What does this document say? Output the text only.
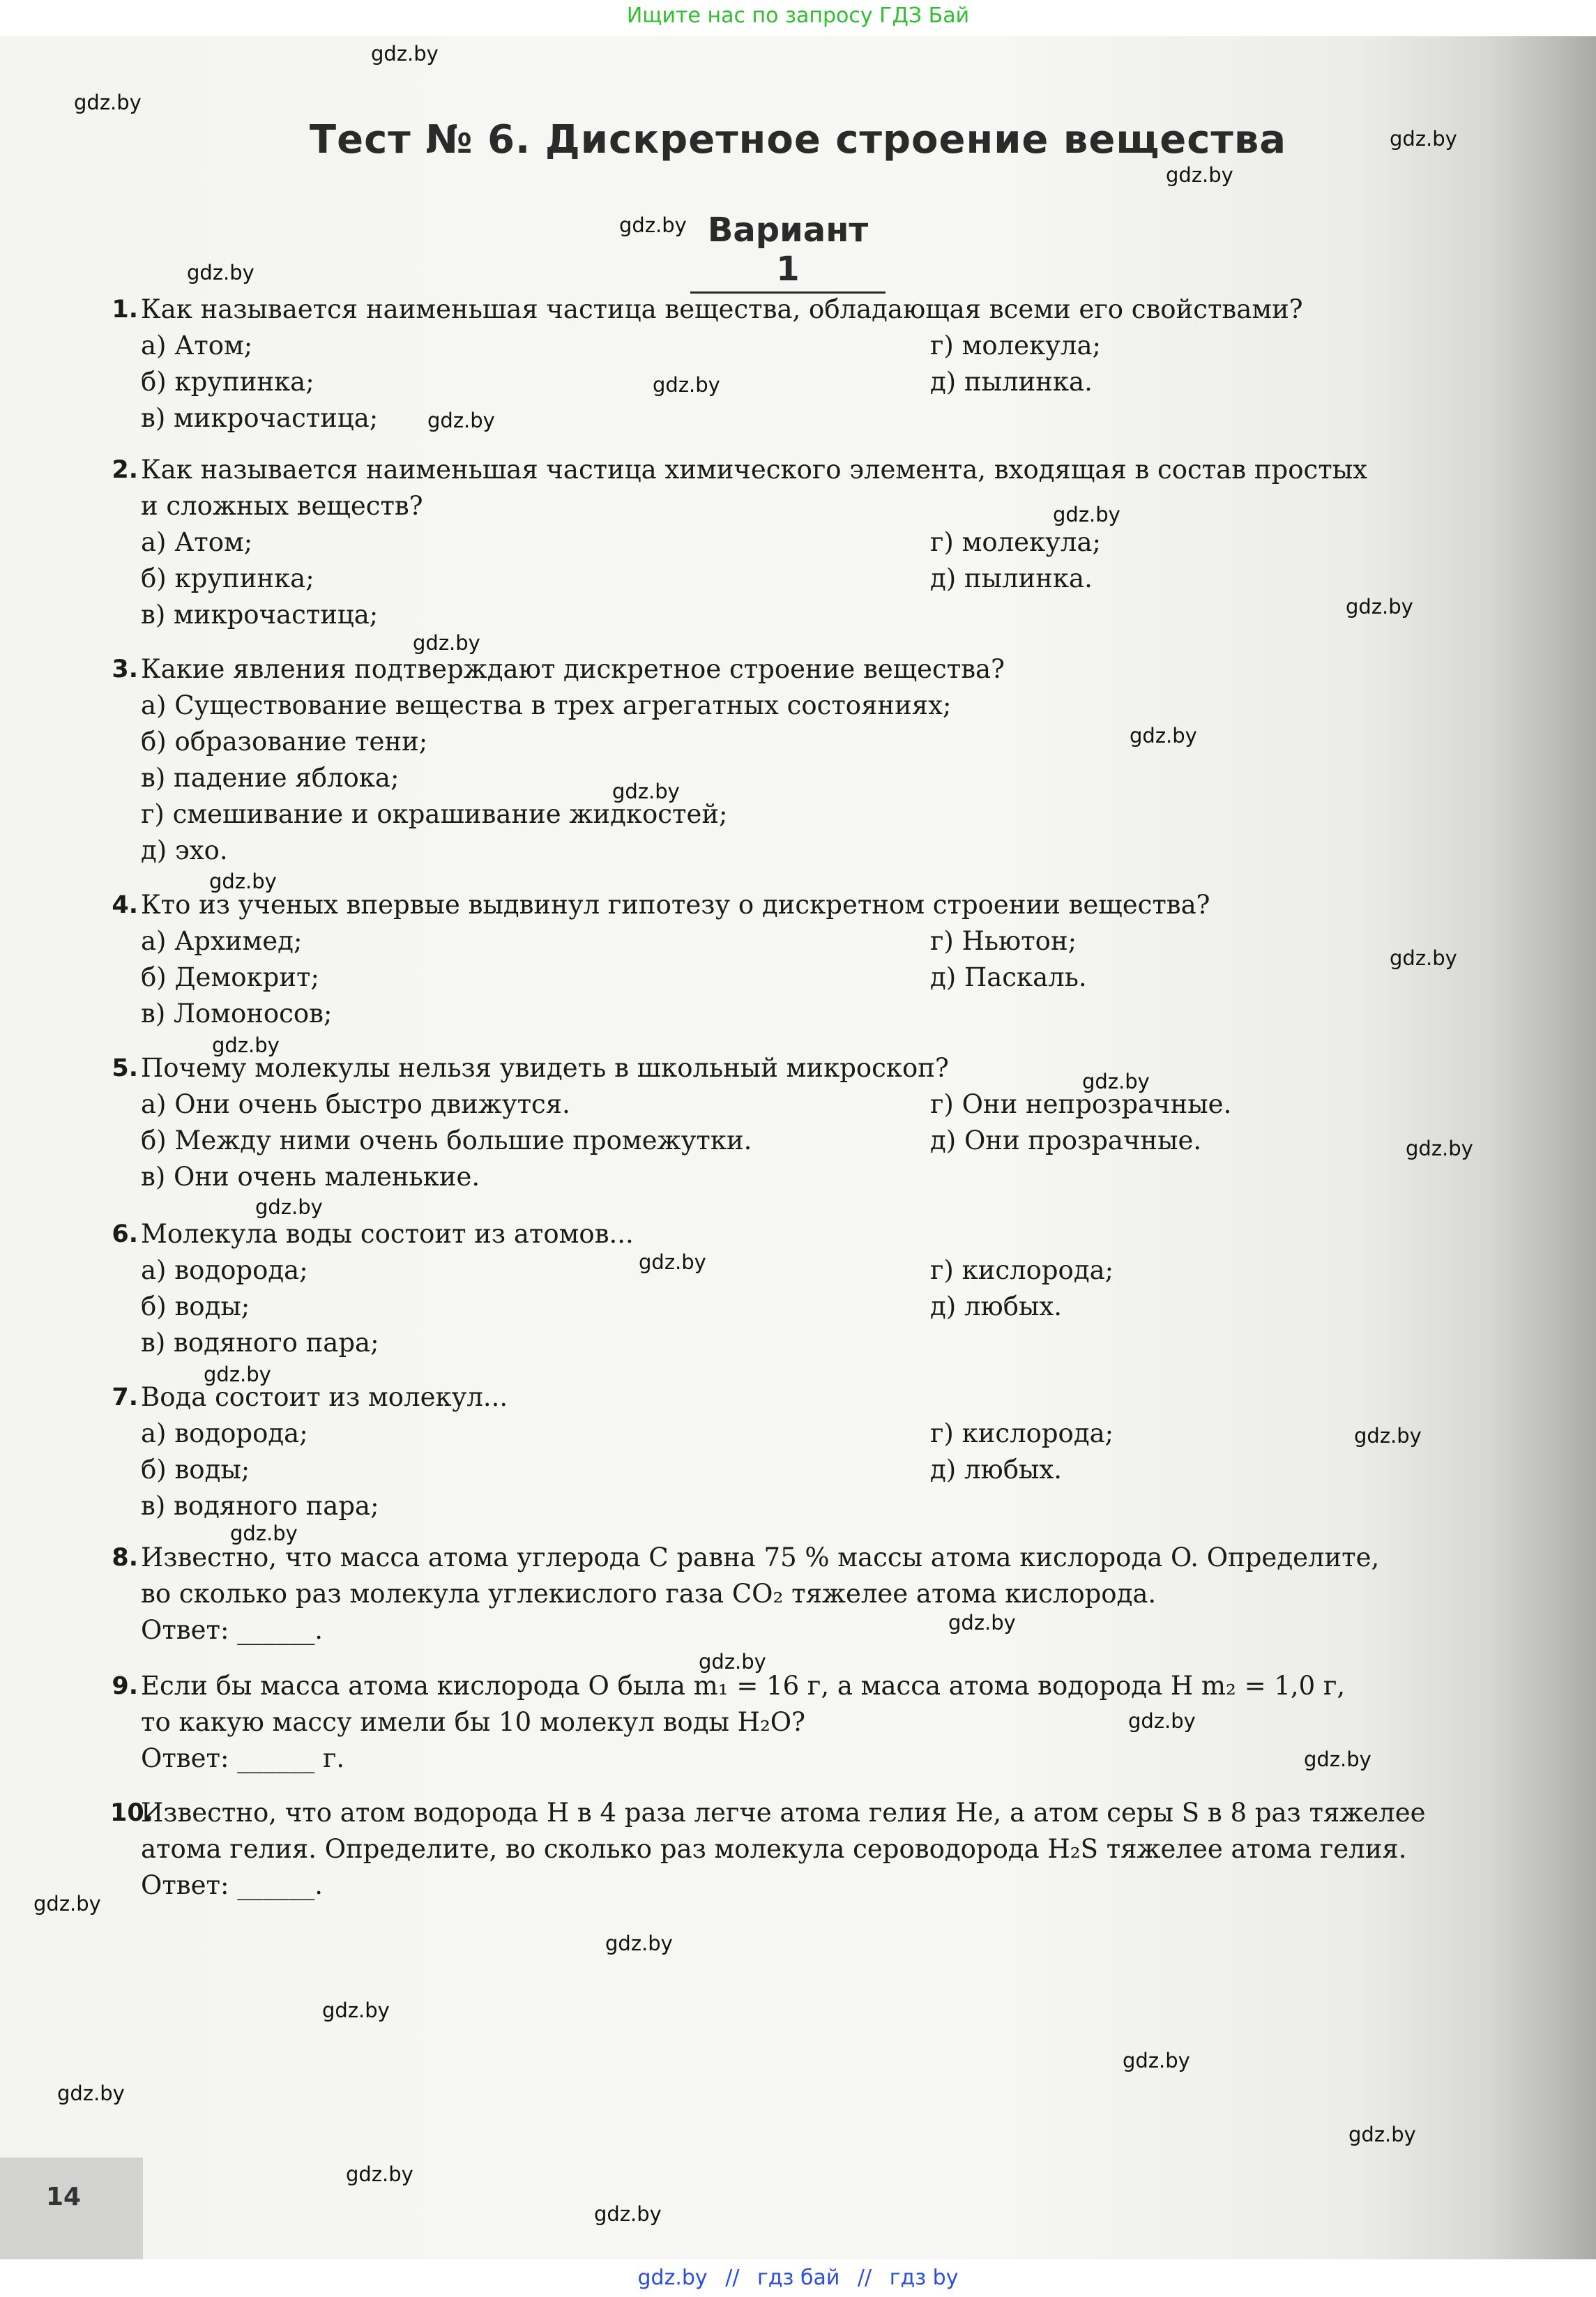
Ищите нас по запросу ГДЗ Бай
gdz.by
gdz.by
gdz.by
gdz.by
gdz.by
gdz.by
gdz.by
gdz.by
gdz.by
gdz.by
gdz.by
gdz.by
gdz.by
gdz.by
gdz.by
gdz.by
gdz.by
gdz.by
gdz.by
gdz.by
gdz.by
gdz.by
gdz.by
gdz.by
gdz.by
gdz.by
gdz.by
gdz.by
gdz.by
gdz.by
gdz.by
gdz.by
gdz.by
gdz.by
gdz.by
Тест № 6. Дискретное строение вещества
Вариант 1
1. Как называется наименьшая частица вещества, обладающая всеми его свойствами?
а) Атом;
б) крупинка;
в) микрочастица;
г) молекула;
д) пылинка.
2. Как называется наименьшая частица химического элемента, входящая в состав простых
и сложных веществ?
а) Атом;
б) крупинка;
в) микрочастица;
г) молекула;
д) пылинка.
3. Какие явления подтверждают дискретное строение вещества?
а) Существование вещества в трех агрегатных состояниях;
б) образование тени;
в) падение яблока;
г) смешивание и окрашивание жидкостей;
д) эхо.
4. Кто из ученых впервые выдвинул гипотезу о дискретном строении вещества?
а) Архимед;
б) Демокрит;
в) Ломоносов;
г) Ньютон;
д) Паскаль.
5. Почему молекулы нельзя увидеть в школьный микроскоп?
а) Они очень быстро движутся.
б) Между ними очень большие промежутки.
в) Они очень маленькие.
г) Они непрозрачные.
д) Они прозрачные.
6. Молекула воды состоит из атомов...
а) водорода;
б) воды;
в) водяного пара;
г) кислорода;
д) любых.
7. Вода состоит из молекул...
а) водорода;
б) воды;
в) водяного пара;
г) кислорода;
д) любых.
8. Известно, что масса атома углерода C равна 75 % массы атома кислорода O. Определите,
во сколько раз молекула углекислого газа CO₂ тяжелее атома кислорода.
Ответ: ______.
9. Если бы масса атома кислорода O была m₁ = 16 г, а масса атома водорода H m₂ = 1,0 г,
то какую массу имели бы 10 молекул воды H₂O?
Ответ: ______ г.
10.
Известно, что атом водорода H в 4 раза легче атома гелия He, а атом серы S в 8 раз тяжелее
атома гелия. Определите, во сколько раз молекула сероводорода H₂S тяжелее атома гелия.
Ответ: ______.
14
gdz.by // гдз бай // гдз by
